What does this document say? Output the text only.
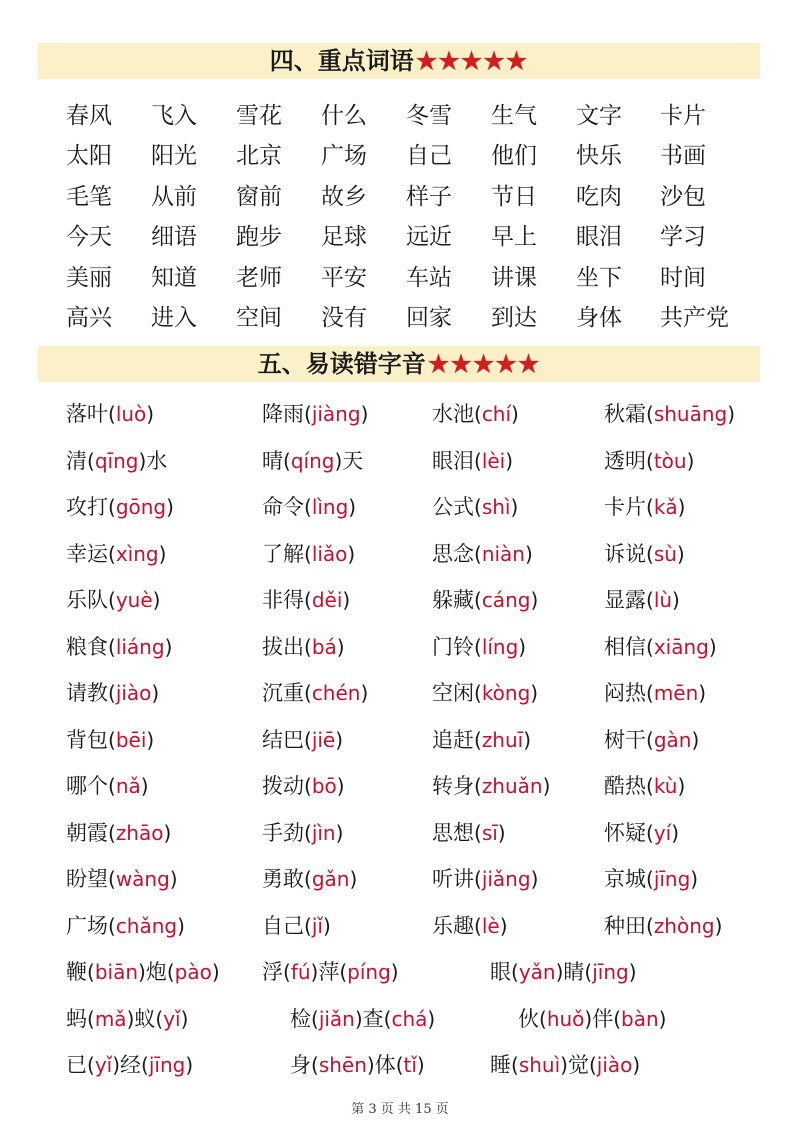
四、重点词语★★★★★
春风 飞入 雪花 什么 冬雪 生气 文字 卡片
太阳 阳光 北京 广场 自己 他们 快乐 书画
毛笔 从前 窗前 故乡 样子 节日 吃肉 沙包
今天 细语 跑步 足球 远近 早上 眼泪 学习
美丽 知道 老师 平安 车站 讲课 坐下 时间
高兴 进入 空间 没有 回家 到达 身体 共产党
五、易读错字音★★★★★
落叶(luò)	降雨(jiàng)	水池(chí)	秋霜(shuāng)
清(qīng)水	晴(qíng)天	眼泪(lèi)	透明(tòu)
攻打(gōng)	命令(lìng)	公式(shì)	卡片(kǎ)
幸运(xìng)	了解(liǎo)	思念(niàn)	诉说(sù)
乐队(yuè)	非得(děi)	躲藏(cáng)	显露(lù)
粮食(liáng)	拔出(bá)	门铃(líng)	相信(xiāng)
请教(jiào)	沉重(chén)	空闲(kòng)	闷热(mēn)
背包(bēi)	结巴(jiē)	追赶(zhuī)	树干(gàn)
哪个(nǎ)	拨动(bō)	转身(zhuǎn)	酷热(kù)
朝霞(zhāo)	手劲(jìn)	思想(sī)	怀疑(yí)
盼望(wàng)	勇敢(gǎn)	听讲(jiǎng)	京城(jīng)
广场(chǎng)	自己(jǐ)	乐趣(lè)	种田(zhòng)
鞭(biān)炮(pào) 浮(fú)萍(píng)	眼(yǎn)睛(jīng)
蚂(mǎ)蚁(yǐ)	检(jiǎn)查(chá)	伙(huǒ)伴(bàn)
已(yǐ)经(jīng)	身(shēn)体(tǐ)	睡(shuì)觉(jiào)
第 3 页 共 15 页
